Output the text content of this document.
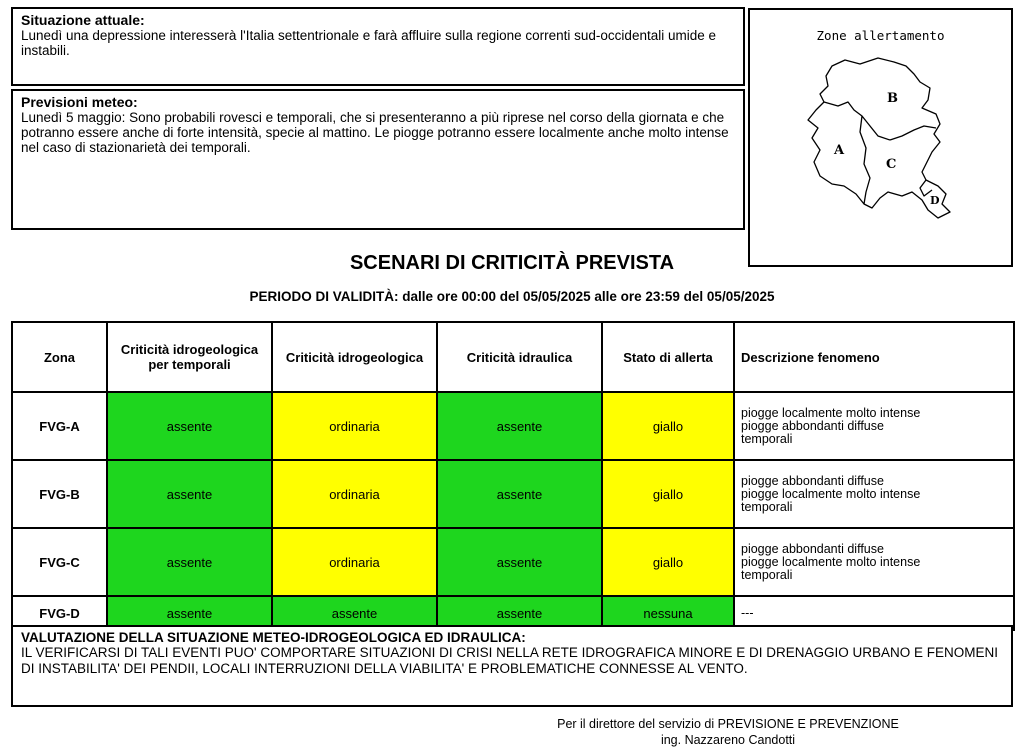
Situazione attuale:
Lunedì una depressione interesserà l'Italia settentrionale e farà affluire sulla regione correnti sud-occidentali umide e instabili.
Previsioni meteo:
Lunedì 5 maggio: Sono probabili rovesci e temporali, che si presenteranno a più riprese nel corso della giornata e che potranno essere anche di forte intensità, specie al mattino. Le piogge potranno essere localmente anche molto intense nel caso di stazionarietà dei temporali.
Zone allertamento
A
B
C
D
SCENARI DI CRITICITÀ PREVISTA
PERIODO DI VALIDITÀ: dalle ore 00:00 del 05/05/2025 alle ore 23:59 del 05/05/2025
Zona	Criticità idrogeologica per temporali	Criticità idrogeologica	Criticità idraulica	Stato di allerta	Descrizione fenomeno
FVG-A	assente	ordinaria	assente	giallo	piogge localmente molto intense
piogge abbondanti diffuse
temporali

FVG-B	assente	ordinaria	assente	giallo	piogge abbondanti diffuse
piogge localmente molto intense
temporali

FVG-C	assente	ordinaria	assente	giallo	piogge abbondanti diffuse
piogge localmente molto intense
temporali

FVG-D	assente	assente	assente	nessuna	---
VALUTAZIONE DELLA SITUAZIONE METEO-IDROGEOLOGICA ED IDRAULICA:
IL VERIFICARSI DI TALI EVENTI PUO' COMPORTARE SITUAZIONI DI CRISI NELLA RETE IDROGRAFICA MINORE E DI DRENAGGIO URBANO E FENOMENI DI INSTABILITA' DEI PENDII, LOCALI INTERRUZIONI DELLA VIABILITA' E PROBLEMATICHE CONNESSE AL VENTO.
Per il direttore del servizio di PREVISIONE E PREVENZIONE
ing. Nazzareno Candotti
